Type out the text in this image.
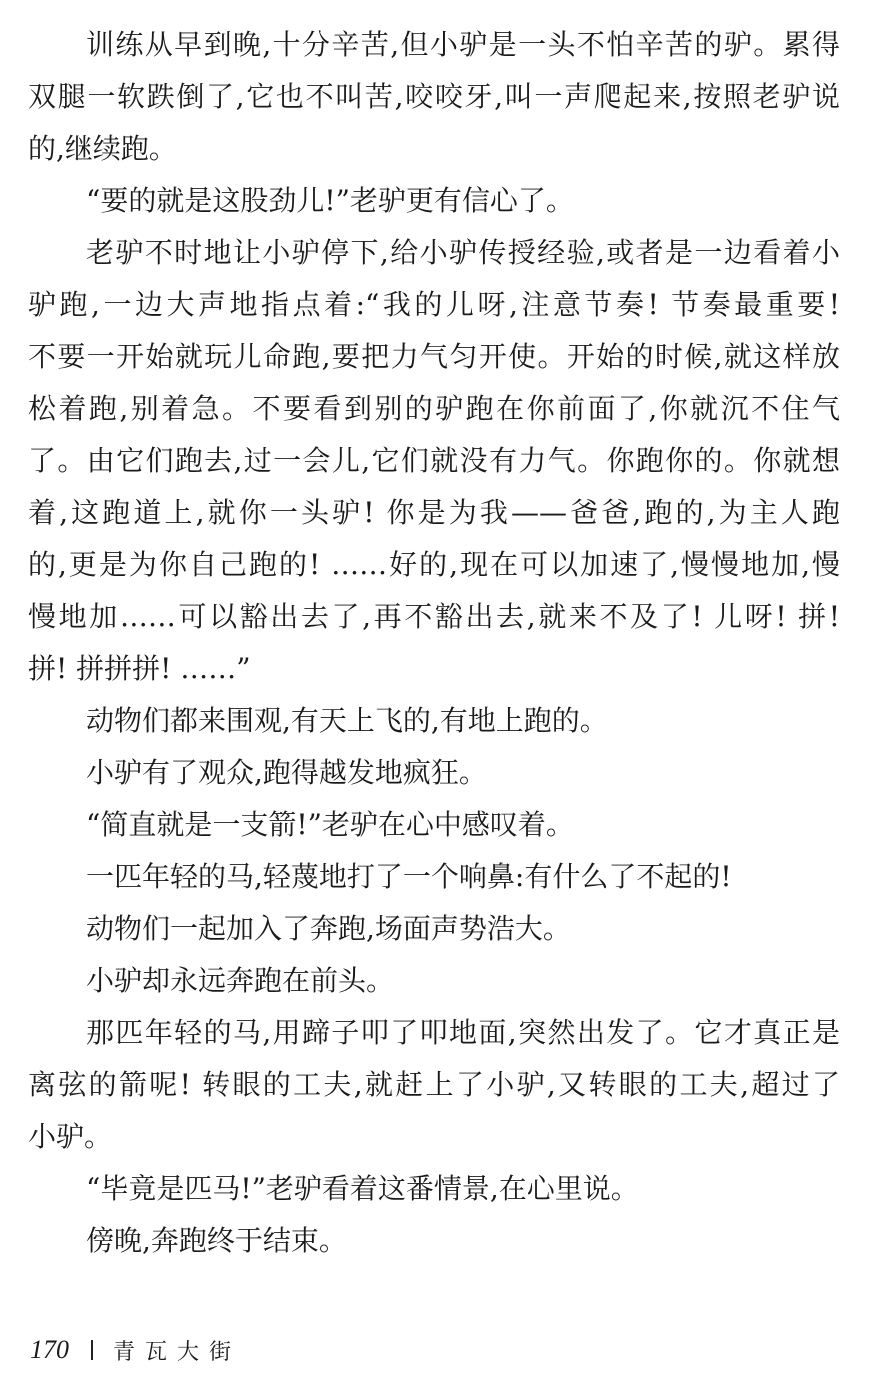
训练从早到晚,十分辛苦,但小驴是一头不怕辛苦的驴。累得
双腿一软跌倒了,它也不叫苦,咬咬牙,叫一声爬起来,按照老驴说
的,继续跑。
“要的就是这股劲儿!”老驴更有信心了。
老驴不时地让小驴停下,给小驴传授经验,或者是一边看着小
驴跑,一边大声地指点着:“我的儿呀,注意节奏! 节奏最重要!
不要一开始就玩儿命跑,要把力气匀开使。开始的时候,就这样放
松着跑,别着急。不要看到别的驴跑在你前面了,你就沉不住气
了。由它们跑去,过一会儿,它们就没有力气。你跑你的。你就想
着,这跑道上,就你一头驴! 你是为我——爸爸,跑的,为主人跑
的,更是为你自己跑的! ……好的,现在可以加速了,慢慢地加,慢
慢地加……可以豁出去了,再不豁出去,就来不及了! 儿呀! 拼!
拼! 拼拼拼! ……”
动物们都来围观,有天上飞的,有地上跑的。
小驴有了观众,跑得越发地疯狂。
“简直就是一支箭!”老驴在心中感叹着。
一匹年轻的马,轻蔑地打了一个响鼻:有什么了不起的!
动物们一起加入了奔跑,场面声势浩大。
小驴却永远奔跑在前头。
那匹年轻的马,用蹄子叩了叩地面,突然出发了。它才真正是
离弦的箭呢! 转眼的工夫,就赶上了小驴,又转眼的工夫,超过了
小驴。
“毕竟是匹马!”老驴看着这番情景,在心里说。
傍晚,奔跑终于结束。
170 青瓦大街
